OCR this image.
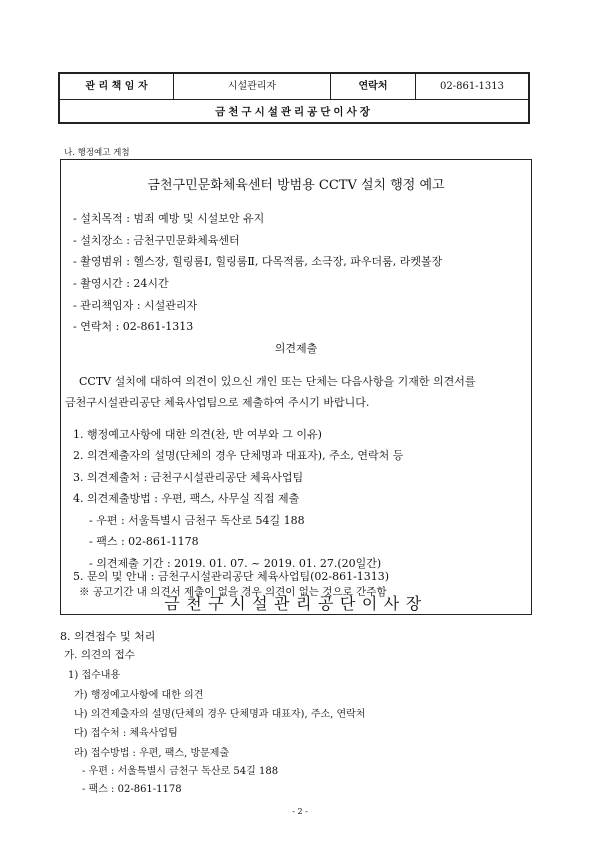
관 리 책 임 자	시설관리자	연락처	02-861-1313
금천구시설관리공단이사장
나. 행정예고 게첨
금천구민문화체육센터 방범용 CCTV 설치 행정 예고
- 설치목적 : 범죄 예방 및 시설보안 유지
- 설치장소 : 금천구민문화체육센터
- 촬영범위 : 헬스장, 힐링룸Ⅰ, 힐링룸Ⅱ, 다목적룸, 소극장, 파우더룸, 라켓볼장
- 촬영시간 : 24시간
- 관리책임자 : 시설관리자
- 연락처 : 02-861-1313
의견제출
CCTV 설치에 대하여 의견이 있으신 개인 또는 단체는 다음사항을 기재한 의견서를
금천구시설관리공단 체육사업팀으로 제출하여 주시기 바랍니다.
1. 행정예고사항에 대한 의견(찬, 반 여부와 그 이유)
2. 의견제출자의 설명(단체의 경우 단체명과 대표자), 주소, 연락처 등
3. 의견제출처 : 금천구시설관리공단 체육사업팀
4. 의견제출방법 : 우편, 팩스, 사무실 직접 제출
- 우편 : 서울특별시 금천구 독산로 54길 188
- 팩스 : 02-861-1178
- 의견제출 기간 : 2019. 01. 07. ~ 2019. 01. 27.(20일간)
5. 문의 및 안내 : 금천구시설관리공단 체육사업팀(02-861-1313)
※ 공고기간 내 의견서 제출이 없을 경우 의견이 없는 것으로 간주함
금천구시설관리공단이사장
8. 의견접수 및 처리
가. 의견의 접수
1) 접수내용
가) 행정예고사항에 대한 의견
나) 의견제출자의 설명(단체의 경우 단체명과 대표자), 주소, 연락처
다) 접수처 : 체육사업팀
라) 접수방법 : 우편, 팩스, 방문제출
- 우편 : 서울특별시 금천구 독산로 54길 188
- 팩스 : 02-861-1178
- 2 -
